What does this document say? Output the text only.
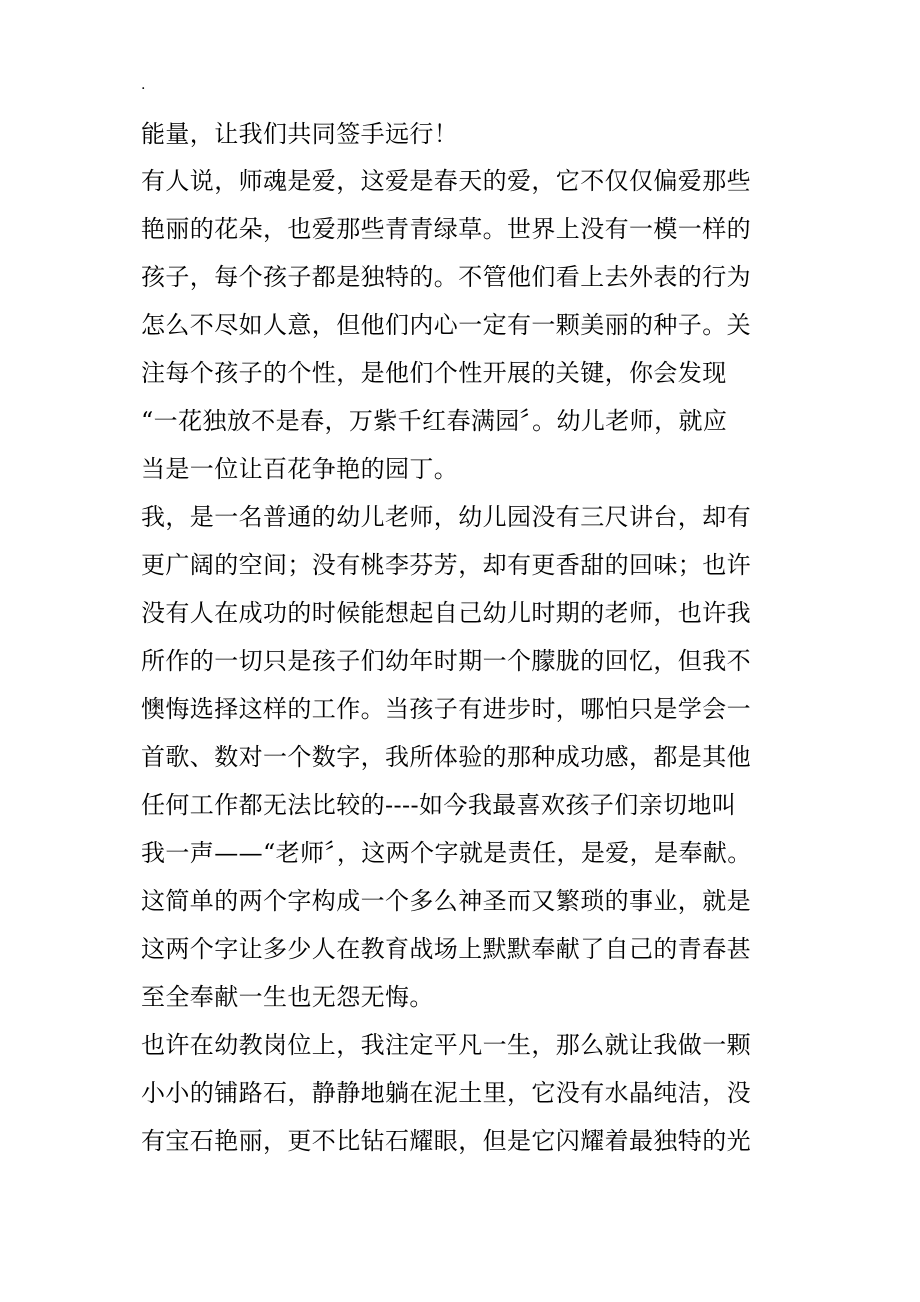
.
能量，让我们共同签手远行！
有人说，师魂是爱，这爱是春天的爱，它不仅仅偏爱那些
艳丽的花朵，也爱那些青青绿草。世界上没有一模一样的
孩子，每个孩子都是独特的。不管他们看上去外表的行为
怎么不尽如人意，但他们内心一定有一颗美丽的种子。关
注每个孩子的个性，是他们个性开展的关键，你会发现
“一花独放不是春，万紫千红春满园〞。幼儿老师，就应
当是一位让百花争艳的园丁。
我，是一名普通的幼儿老师，幼儿园没有三尺讲台，却有
更广阔的空间；没有桃李芬芳，却有更香甜的回味；也许
没有人在成功的时候能想起自己幼儿时期的老师，也许我
所作的一切只是孩子们幼年时期一个朦胧的回忆，但我不
懊悔选择这样的工作。当孩子有进步时，哪怕只是学会一
首歌、数对一个数字，我所体验的那种成功感，都是其他
任何工作都无法比较的----如今我最喜欢孩子们亲切地叫
我一声——“老师〞，这两个字就是责任，是爱，是奉献。
这简单的两个字构成一个多么神圣而又繁琐的事业，就是
这两个字让多少人在教育战场上默默奉献了自己的青春甚
至全奉献一生也无怨无悔。
也许在幼教岗位上，我注定平凡一生，那么就让我做一颗
小小的铺路石，静静地躺在泥土里，它没有水晶纯洁，没
有宝石艳丽，更不比钻石耀眼，但是它闪耀着最独特的光
